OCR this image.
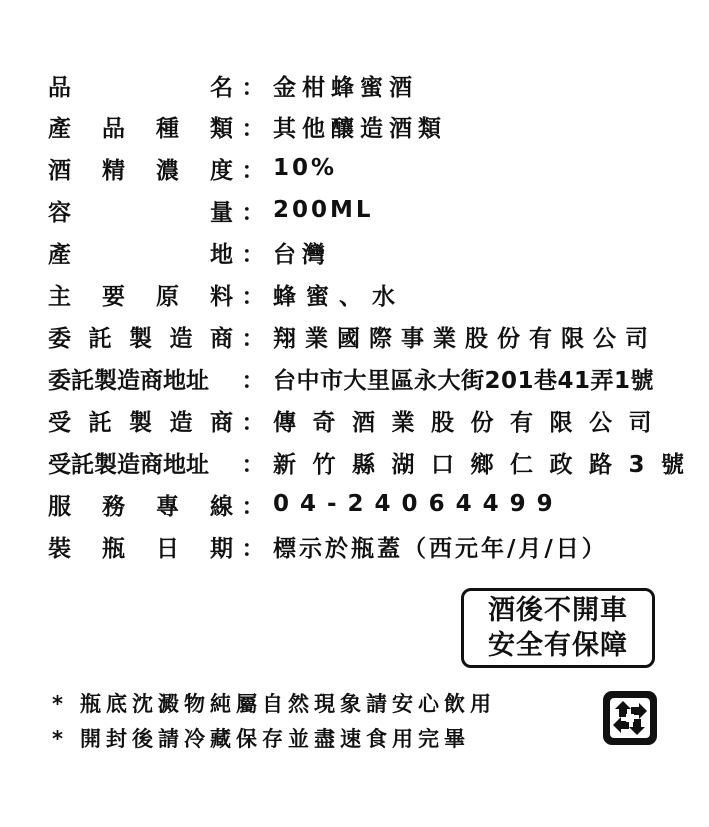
品	名 ： 金柑蜂蜜酒
產 品 種 類 ： 其他釀造酒類
酒 精 濃 度 ： 10%
容	量 ： 200ML
產	地 ： 台灣
主 要 原 料 ： 蜂蜜、水
委 託 製 造 商 ： 翔業國際事業股份有限公司
委託製造商地址	： 台中市大里區永大街201巷41弄1號
受 託 製 造 商 ： 傳奇酒業股份有限公司
受託製造商地址	： 新竹縣湖口鄉仁政路3號
服 務 專 線 ： 04-24064499
裝 瓶 日 期 ： 標示於瓶蓋（西元年/月/日）
酒後不開車
安全有保障
* 瓶底沈澱物純屬自然現象請安心飲用
* 開封後請冷藏保存並盡速食用完畢
